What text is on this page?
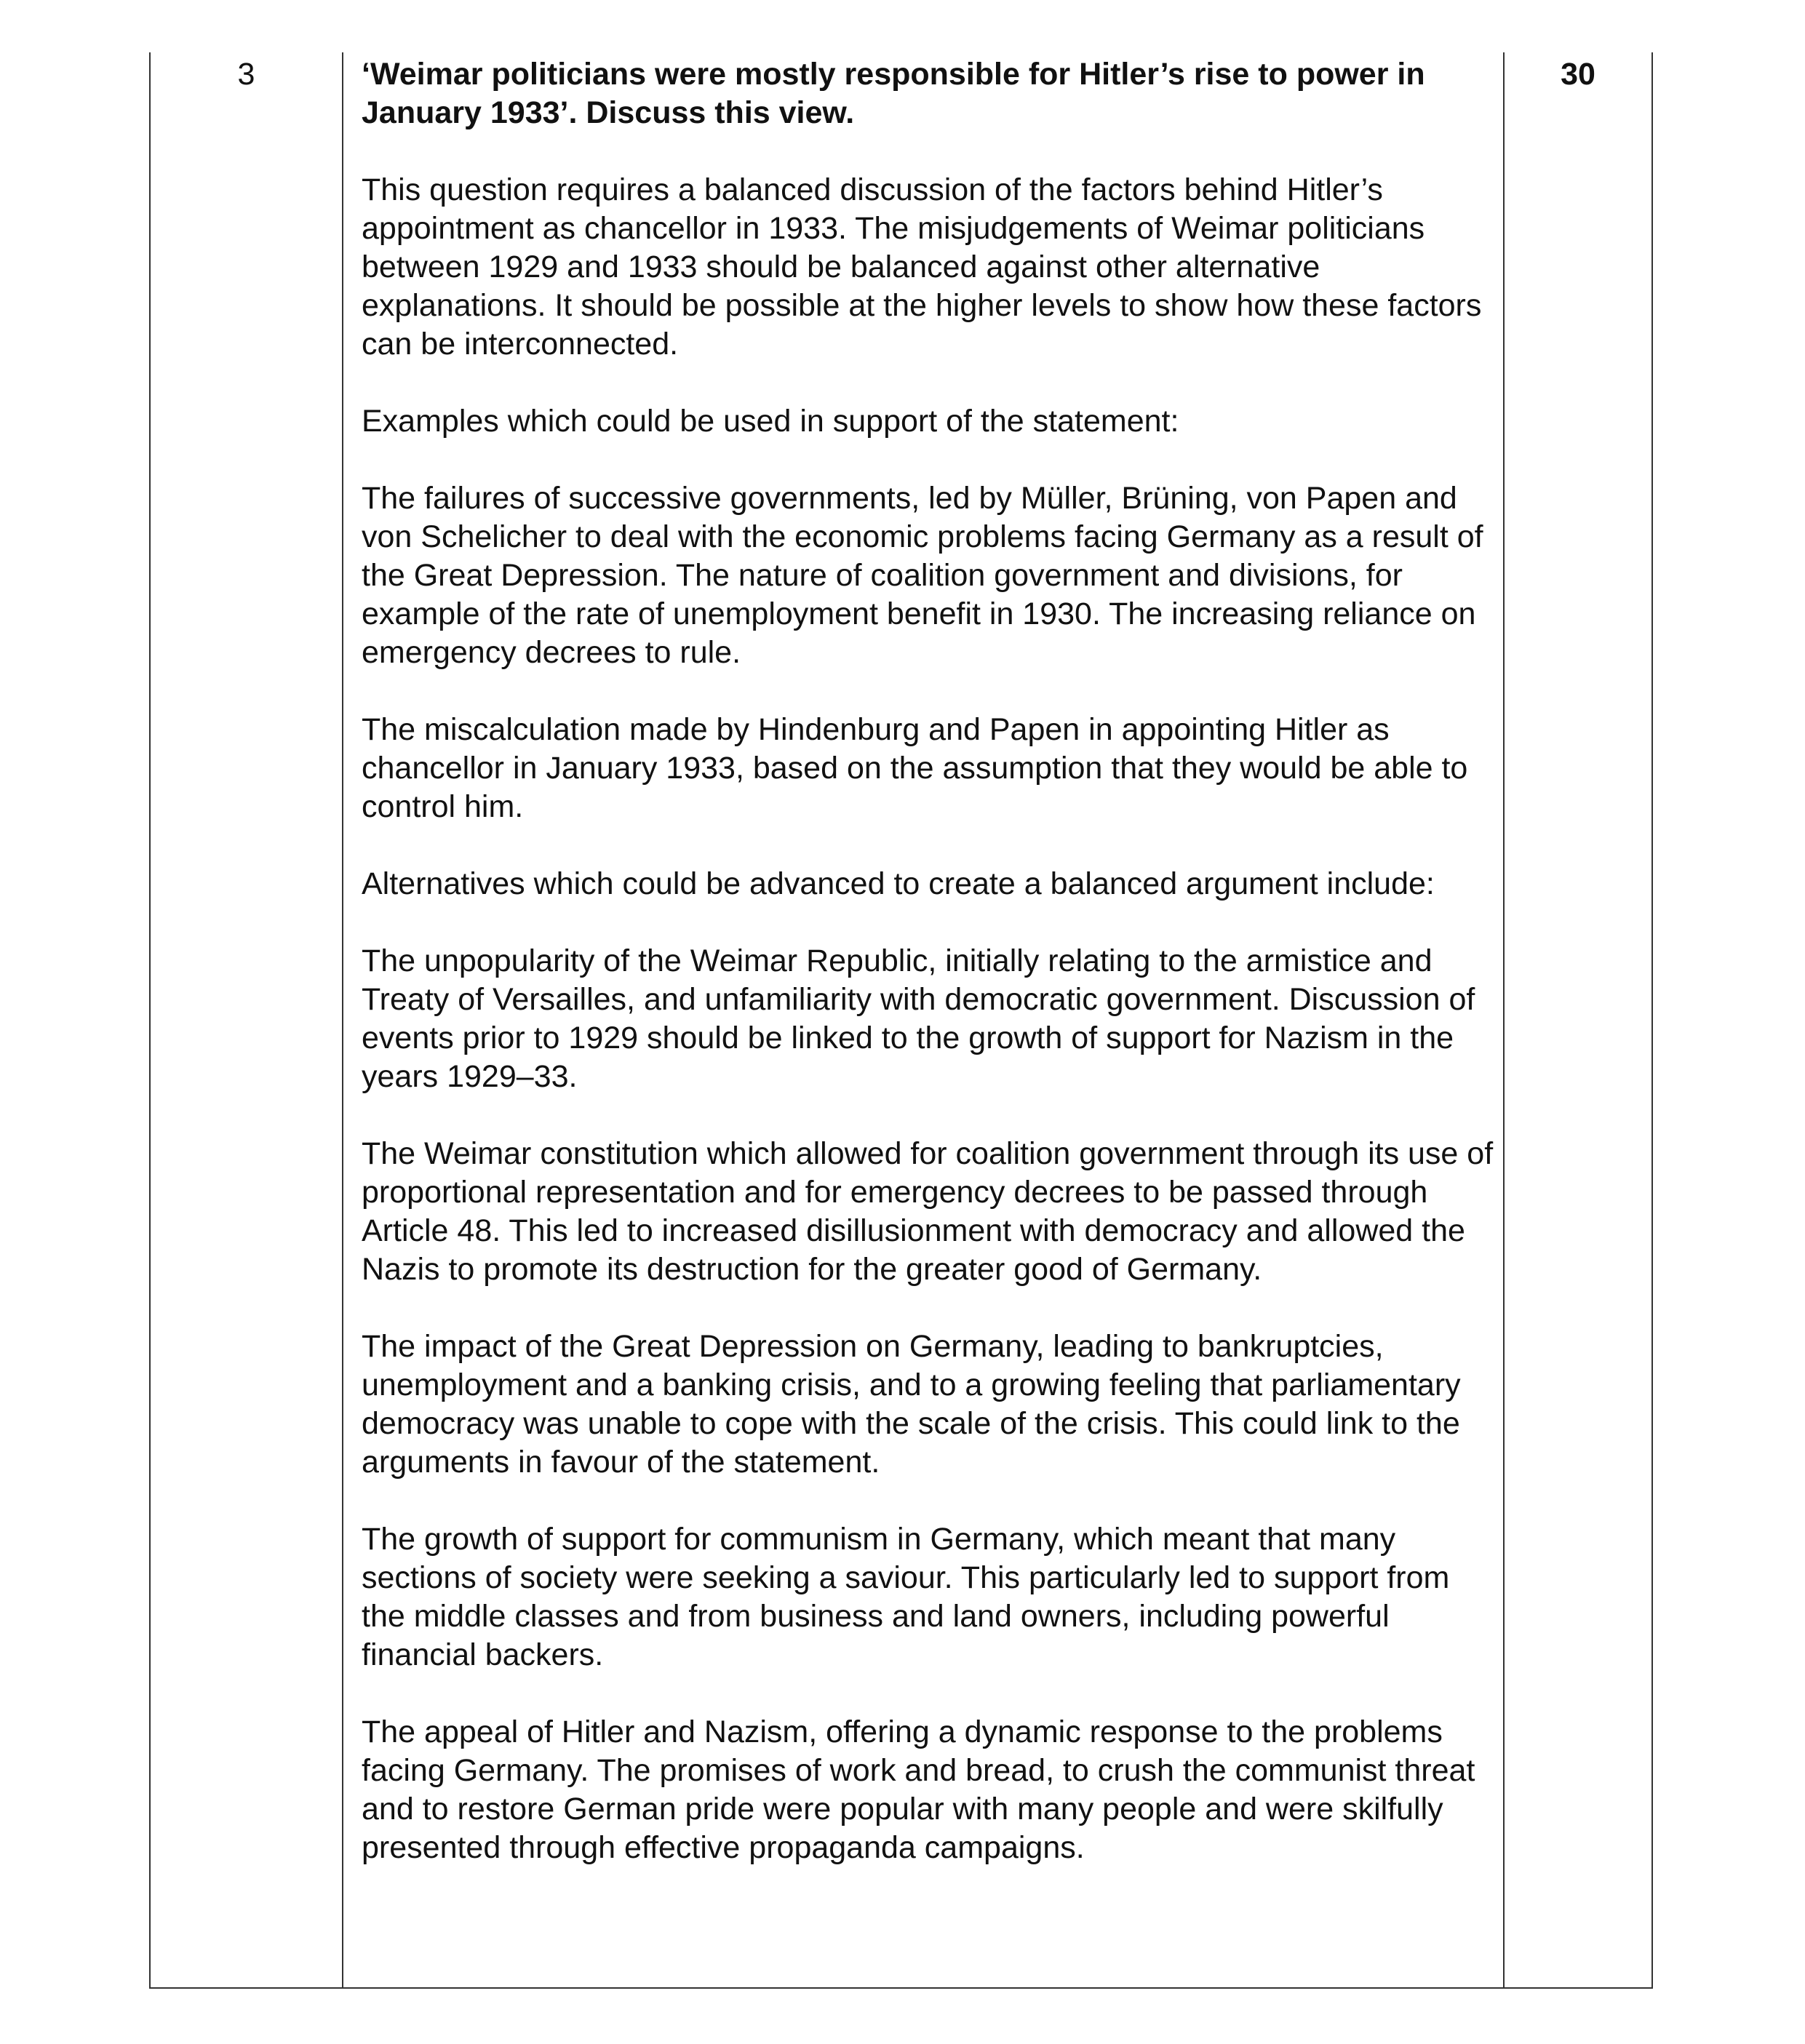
3	‘Weimar politicians were mostly responsible for Hitler’s rise to power in January 1933’. Discuss this view.

This question requires a balanced discussion of the factors behind Hitler’s appointment as chancellor in 1933. The misjudgements of Weimar politicians between 1929 and 1933 should be balanced against other alternative explanations. It should be possible at the higher levels to show how these factors can be interconnected.

Examples which could be used in support of the statement:

The failures of successive governments, led by Müller, Brüning, von Papen and von Schelicher to deal with the economic problems facing Germany as a result of the Great Depression. The nature of coalition government and divisions, for example of the rate of unemployment benefit in 1930. The increasing reliance on emergency decrees to rule.

The miscalculation made by Hindenburg and Papen in appointing Hitler as chancellor in January 1933, based on the assumption that they would be able to control him.

Alternatives which could be advanced to create a balanced argument include:

The unpopularity of the Weimar Republic, initially relating to the armistice and Treaty of Versailles, and unfamiliarity with democratic government. Discussion of events prior to 1929 should be linked to the growth of support for Nazism in the years 1929–33.

The Weimar constitution which allowed for coalition government through its use of proportional representation and for emergency decrees to be passed through Article 48. This led to increased disillusionment with democracy and allowed the Nazis to promote its destruction for the greater good of Germany.

The impact of the Great Depression on Germany, leading to bankruptcies, unemployment and a banking crisis, and to a growing feeling that parliamentary democracy was unable to cope with the scale of the crisis. This could link to the arguments in favour of the statement.

The growth of support for communism in Germany, which meant that many sections of society were seeking a saviour. This particularly led to support from the middle classes and from business and land owners, including powerful financial backers.

The appeal of Hitler and Nazism, offering a dynamic response to the problems facing Germany. The promises of work and bread, to crush the communist threat and to restore German pride were popular with many people and were skilfully presented through effective propaganda campaigns.

30
